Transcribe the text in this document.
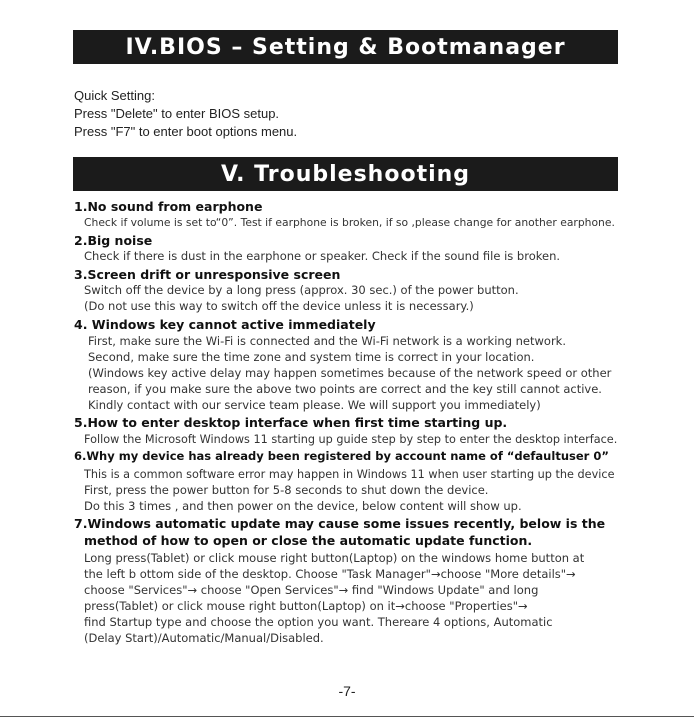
IV.BIOS – Setting & Bootmanager
Quick Setting:
Press "Delete" to enter BIOS setup.
Press "F7" to enter boot options menu.
V. Troubleshooting
1.No sound from earphone
Check if volume is set to“0”. Test if earphone is broken, if so ,please change for another earphone.
2.Big noise
Check if there is dust in the earphone or speaker. Check if the sound file is broken.
3.Screen drift or unresponsive screen
Switch off the device by a long press (approx. 30 sec.) of the power button.
(Do not use this way to switch off the device unless it is necessary.)
4. Windows key cannot active immediately
First, make sure the Wi-Fi is connected and the Wi-Fi network is a working network.
Second, make sure the time zone and system time is correct in your location.
(Windows key active delay may happen sometimes because of the network speed or other
reason, if you make sure the above two points are correct and the key still cannot active.
Kindly contact with our service team please. We will support you immediately)
5.How to enter desktop interface when first time starting up.
Follow the Microsoft Windows 11 starting up guide step by step to enter the desktop interface.
6.Why my device has already been registered by account name of “defaultuser 0”
This is a common software error may happen in Windows 11 when user starting up the device
First, press the power button for 5-8 seconds to shut down the device.
Do this 3 times , and then power on the device, below content will show up.
7.Windows automatic update may cause some issues recently, below is the
method of how to open or close the automatic update function.
Long press(Tablet) or click mouse right button(Laptop) on the windows home button at
the left b ottom side of the desktop. Choose "Task Manager"→choose "More details"→
choose "Services"→ choose "Open Services"→ find "Windows Update" and long
press(Tablet) or click mouse right button(Laptop) on it→choose "Properties"→
find Startup type and choose the option you want. Thereare 4 options, Automatic
(Delay Start)/Automatic/Manual/Disabled.
-7-
